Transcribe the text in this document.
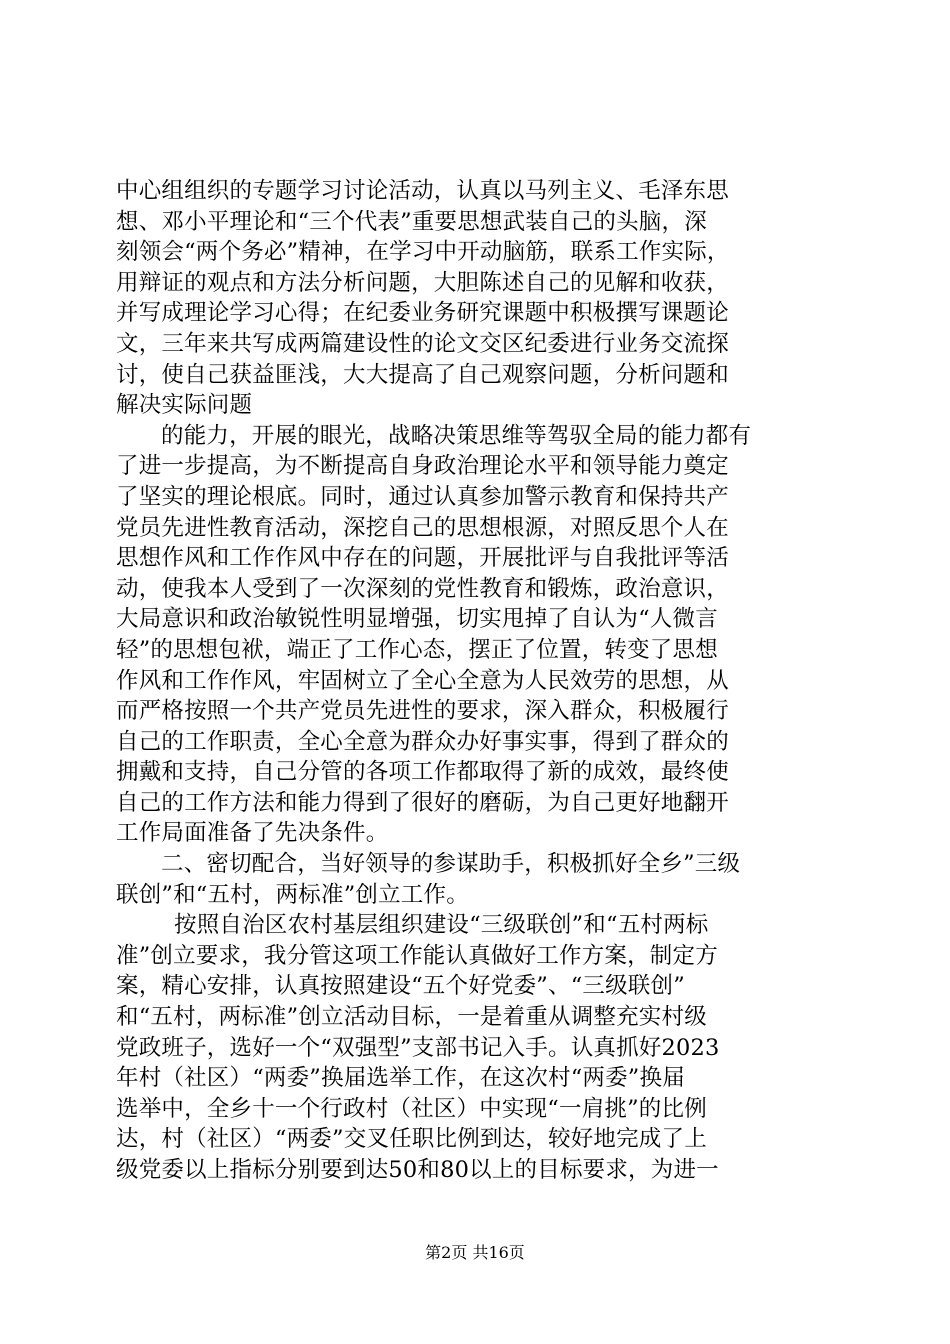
中心组组织的专题学习讨论活动，认真以马列主义、毛泽东思
想、邓小平理论和“三个代表”重要思想武装自己的头脑，深
刻领会“两个务必”精神，在学习中开动脑筋，联系工作实际，
用辩证的观点和方法分析问题，大胆陈述自己的见解和收获，
并写成理论学习心得；在纪委业务研究课题中积极撰写课题论
文，三年来共写成两篇建设性的论文交区纪委进行业务交流探
讨，使自己获益匪浅，大大提高了自己观察问题，分析问题和
解决实际问题
的能力，开展的眼光，战略决策思维等驾驭全局的能力都有
了进一步提高，为不断提高自身政治理论水平和领导能力奠定
了坚实的理论根底。同时，通过认真参加警示教育和保持共产
党员先进性教育活动，深挖自己的思想根源，对照反思个人在
思想作风和工作作风中存在的问题，开展批评与自我批评等活
动，使我本人受到了一次深刻的党性教育和锻炼，政治意识，
大局意识和政治敏锐性明显增强，切实甩掉了自认为“人微言
轻”的思想包袱，端正了工作心态，摆正了位置，转变了思想
作风和工作作风，牢固树立了全心全意为人民效劳的思想，从
而严格按照一个共产党员先进性的要求，深入群众，积极履行
自己的工作职责，全心全意为群众办好事实事，得到了群众的
拥戴和支持，自己分管的各项工作都取得了新的成效，最终使
自己的工作方法和能力得到了很好的磨砺，为自己更好地翻开
工作局面准备了先决条件。
二、密切配合，当好领导的参谋助手，积极抓好全乡”三级
联创”和“五村，两标准”创立工作。
按照自治区农村基层组织建设“三级联创”和“五村两标
准”创立要求，我分管这项工作能认真做好工作方案，制定方
案，精心安排，认真按照建设“五个好党委”、“三级联创”
和“五村，两标准”创立活动目标，一是着重从调整充实村级
党政班子，选好一个“双强型”支部书记入手。认真抓好2023
年村（社区）“两委”换届选举工作，在这次村“两委”换届
选举中，全乡十一个行政村（社区）中实现“一肩挑”的比例
达，村（社区）“两委”交叉任职比例到达，较好地完成了上
级党委以上指标分别要到达50和80以上的目标要求，为进一
第2页 共16页
